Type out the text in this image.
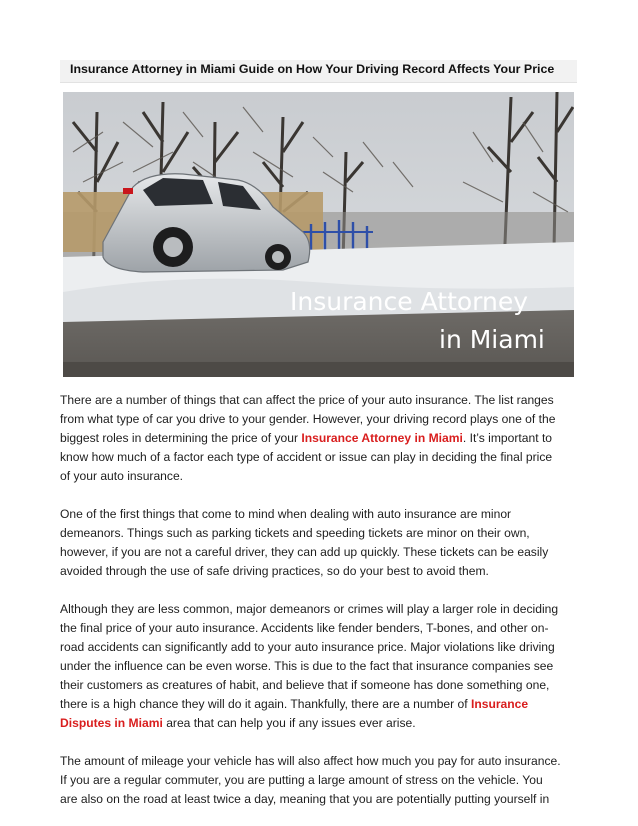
Insurance Attorney in Miami Guide on How Your Driving Record Affects Your Price
Insurance Attorney
in Miami

There are a number of things that can affect the price of your auto insurance. The list ranges

from what type of car you drive to your gender. However, your driving record plays one of the

biggest roles in determining the price of your Insurance Attorney in Miami. It’s important to

know how much of a factor each type of accident or issue can play in deciding the final price

of your auto insurance.

One of the first things that come to mind when dealing with auto insurance are minor

demeanors. Things such as parking tickets and speeding tickets are minor on their own,

however, if you are not a careful driver, they can add up quickly. These tickets can be easily

avoided through the use of safe driving practices, so do your best to avoid them.

Although they are less common, major demeanors or crimes will play a larger role in deciding

the final price of your auto insurance. Accidents like fender benders, T-bones, and other on-

road accidents can significantly add to your auto insurance price. Major violations like driving

under the influence can be even worse. This is due to the fact that insurance companies see

their customers as creatures of habit, and believe that if someone has done something one,

there is a high chance they will do it again. Thankfully, there are a number of Insurance

Disputes in Miami area that can help you if any issues ever arise.

The amount of mileage your vehicle has will also affect how much you pay for auto insurance.

If you are a regular commuter, you are putting a large amount of stress on the vehicle. You

are also on the road at least twice a day, meaning that you are potentially putting yourself in
